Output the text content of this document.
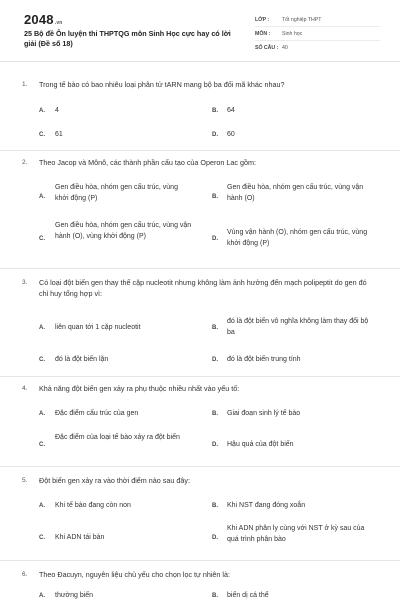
2048.vn
25 Bộ đề Ôn luyện thi THPTQG môn Sinh Học cực hay có lời giải (Đề số 18)
LỚP : Tốt nghiệp THPT
MÔN : Sinh học
SỐ CÂU : 40
1. Trong tế bào có bao nhiêu loại phân tử tARN mang bộ ba đối mã khác nhau?
A. 4	B. 64
C. 61	D. 60
2. Theo Jacop và Mônô, các thành phần cấu tạo của Operon Lac gồm:
A.
Gen điều hòa, nhóm gen cấu trúc, vùng khởi động (P)	B.
Gen điều hòa, nhóm gen cấu trúc, vùng vận hành (O)
C.
Gen điều hòa, nhóm gen cấu trúc, vùng vận hành (O), vùng khởi động (P)	D.
Vùng vận hành (O), nhóm gen cấu trúc, vùng khởi động (P)
3. Có loại đột biến gen thay thế cặp nucleotit nhưng không làm ảnh hưởng đến mạch polipeptit do gen đó chỉ huy tổng hợp vì:
A. liên quan tới 1 cặp nucleotit	B.
đó là đột biến vô nghĩa không làm thay đổi bộ ba
C. đó là đột biến lặn	D. đó là đột biến trung tính
4. Khả năng đột biến gen xảy ra phụ thuộc nhiều nhất vào yếu tố:
A. Đặc điểm cấu trúc của gen	B. Giai đoạn sinh lý tế bào
C.
Đặc điểm của loại tế bào xảy ra đột biến
D. Hậu quả của đột biến
5. Đột biến gen xảy ra vào thời điểm nào sau đây:
A. Khi tế bào đang còn non	B. Khi NST đang đóng xoắn
C. Khi ADN tái bản	D.
Khi ADN phân ly cùng với NST ở kỳ sau của quá trình phân bào
6. Theo Đacuyn, nguyên liệu chủ yếu cho chọn lọc tự nhiên là:
A. thường biến	B. biến dị cá thể
